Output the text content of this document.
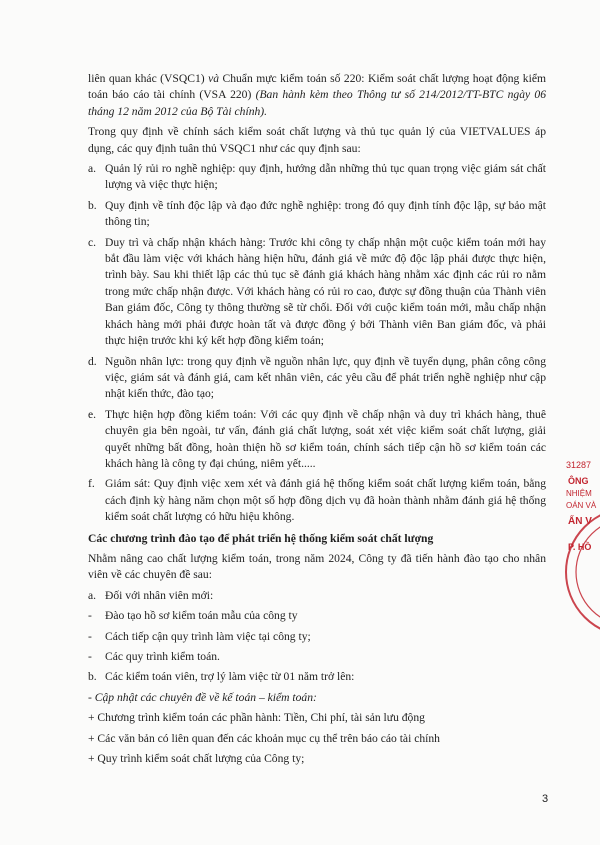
liên quan khác (VSQC1) và Chuẩn mực kiểm toán số 220: Kiểm soát chất lượng hoạt động kiểm toán báo cáo tài chính (VSA 220) (Ban hành kèm theo Thông tư số 214/2012/TT-BTC ngày 06 tháng 12 năm 2012 của Bộ Tài chính).

Trong quy định về chính sách kiểm soát chất lượng và thủ tục quản lý của VIETVALUES áp dụng, các quy định tuân thủ VSQC1 như các quy định sau:

a. Quản lý rủi ro nghề nghiệp: quy định, hướng dẫn những thủ tục quan trọng việc giám sát chất lượng và việc thực hiện;
b. Quy định về tính độc lập và đạo đức nghề nghiệp: trong đó quy định tính độc lập, sự bảo mật thông tin;
c. Duy trì và chấp nhận khách hàng: Trước khi công ty chấp nhận một cuộc kiểm toán mới hay bắt đầu làm việc với khách hàng hiện hữu, đánh giá về mức độ độc lập phải được thực hiện, trình bày. Sau khi thiết lập các thủ tục sẽ đánh giá khách hàng nhằm xác định các rủi ro nằm trong mức chấp nhận được. Với khách hàng có rủi ro cao, được sự đồng thuận của Thành viên Ban giám đốc, Công ty thông thường sẽ từ chối. Đối với cuộc kiểm toán mới, mẫu chấp nhận khách hàng mới phải được hoàn tất và được đồng ý bởi Thành viên Ban giám đốc, và phải thực hiện trước khi ký kết hợp đồng kiểm toán;
d. Nguồn nhân lực: trong quy định về nguồn nhân lực, quy định về tuyển dụng, phân công công việc, giám sát và đánh giá, cam kết nhân viên, các yêu cầu để phát triển nghề nghiệp như cập nhật kiến thức, đào tạo;
e. Thực hiện hợp đồng kiểm toán: Với các quy định về chấp nhận và duy trì khách hàng, thuê chuyên gia bên ngoài, tư vấn, đánh giá chất lượng, soát xét việc kiểm soát chất lượng, giải quyết những bất đồng, hoàn thiện hồ sơ kiểm toán, chính sách tiếp cận hồ sơ kiểm toán các khách hàng là công ty đại chúng, niêm yết.....
f. Giám sát: Quy định việc xem xét và đánh giá hệ thống kiểm soát chất lượng kiểm toán, bằng cách định kỳ hàng năm chọn một số hợp đồng dịch vụ đã hoàn thành nhằm đánh giá hệ thống kiểm soát chất lượng có hữu hiệu không.

Các chương trình đào tạo để phát triển hệ thống kiểm soát chất lượng

Nhằm nâng cao chất lượng kiểm toán, trong năm 2024, Công ty đã tiến hành đào tạo cho nhân viên về các chuyên đề sau:

a. Đối với nhân viên mới:
- Đào tạo hồ sơ kiểm toán mẫu của công ty
- Cách tiếp cận quy trình làm việc tại công ty;
- Các quy trình kiểm toán.
b. Các kiểm toán viên, trợ lý làm việc từ 01 năm trở lên:

- Cập nhật các chuyên đề về kế toán – kiểm toán:

+ Chương trình kiểm toán các phần hành: Tiền, Chi phí, tài sản lưu động

+ Các văn bản có liên quan đến các khoản mục cụ thể trên báo cáo tài chính

+ Quy trình kiểm soát chất lượng của Công ty;

3
31287
ÔNG
NHIỆM
OÁN VÀ
ẨN V
P. HỒ
